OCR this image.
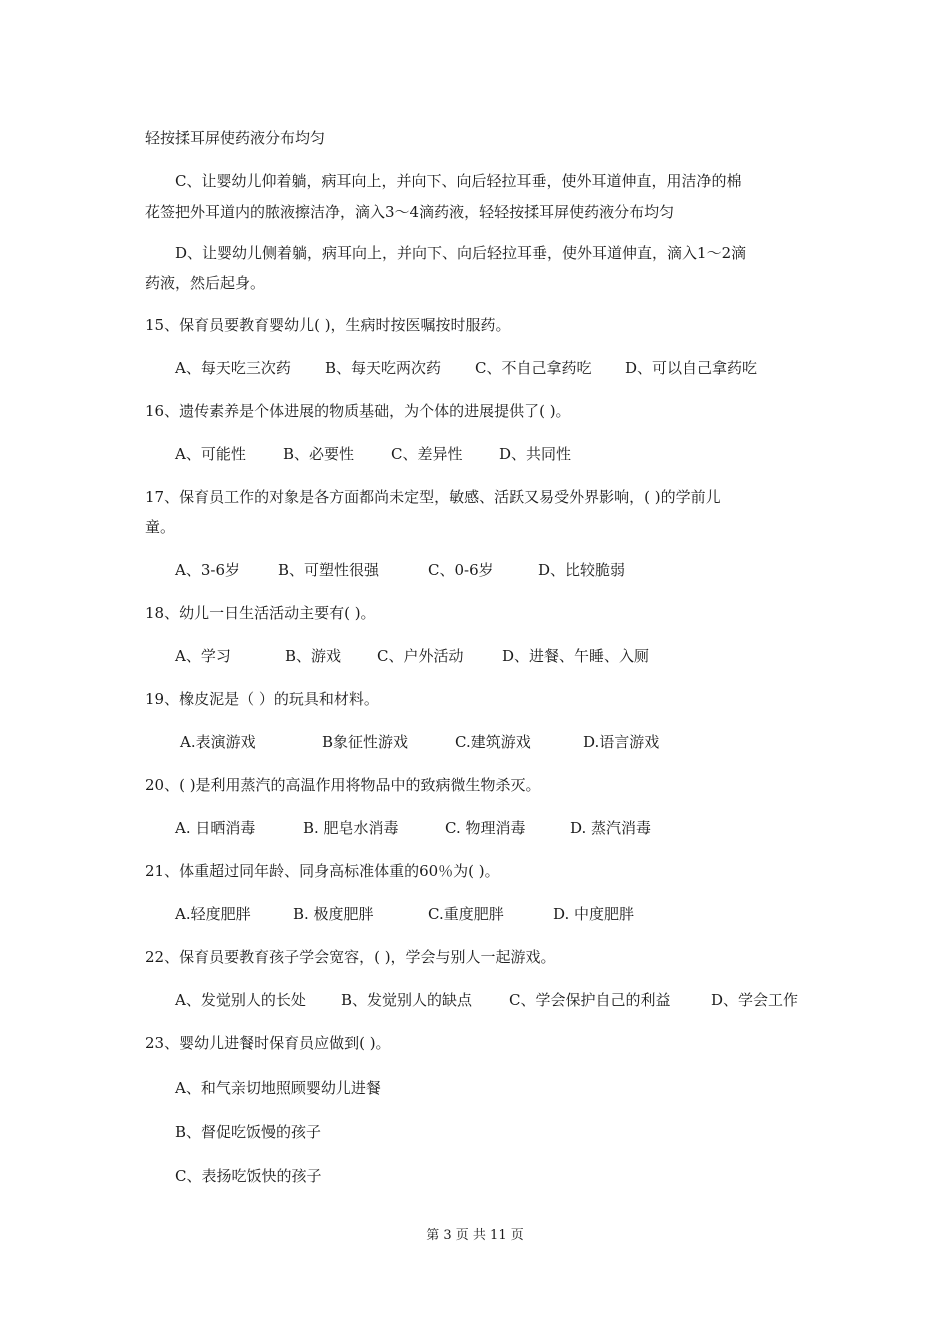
轻按揉耳屏使药液分布均匀
C、让婴幼儿仰着躺，病耳向上，并向下、向后轻拉耳垂，使外耳道伸直，用洁净的棉
花签把外耳道内的脓液擦洁净，滴入3～4滴药液，轻轻按揉耳屏使药液分布均匀
D、让婴幼儿侧着躺，病耳向上，并向下、向后轻拉耳垂，使外耳道伸直，滴入1～2滴
药液，然后起身。
15、保育员要教育婴幼儿( )，生病时按医嘱按时服药。
A、每天吃三次药 B、每天吃两次药 C、不自己拿药吃 D、可以自己拿药吃
16、遗传素养是个体进展的物质基础，为个体的进展提供了( )。
A、可能性 B、必要性 C、差异性 D、共同性
17、保育员工作的对象是各方面都尚未定型，敏感、活跃又易受外界影响，( )的学前儿
童。
A、3-6岁	B、可塑性很强	C、0-6岁	D、比较脆弱
18、幼儿一日生活活动主要有( )。
A、学习	B、游戏 C、户外活动	D、进餐、午睡、入厕
19、橡皮泥是（ ）的玩具和材料。
A.表演游戏	B象征性游戏	C.建筑游戏	D.语言游戏
20、( )是利用蒸汽的高温作用将物品中的致病微生物杀灭。
A. 日晒消毒	B. 肥皂水消毒	C. 物理消毒	D. 蒸汽消毒
21、体重超过同年龄、同身高标准体重的60％为( )。
A.轻度肥胖	B. 极度肥胖	C.重度肥胖	D. 中度肥胖
22、保育员要教育孩子学会宽容，( )，学会与别人一起游戏。
A、发觉别人的长处 B、发觉别人的缺点 C、学会保护自己的利益	D、学会工作
23、婴幼儿进餐时保育员应做到( )。
A、和气亲切地照顾婴幼儿进餐
B、督促吃饭慢的孩子
C、表扬吃饭快的孩子
第 3 页 共 11 页
